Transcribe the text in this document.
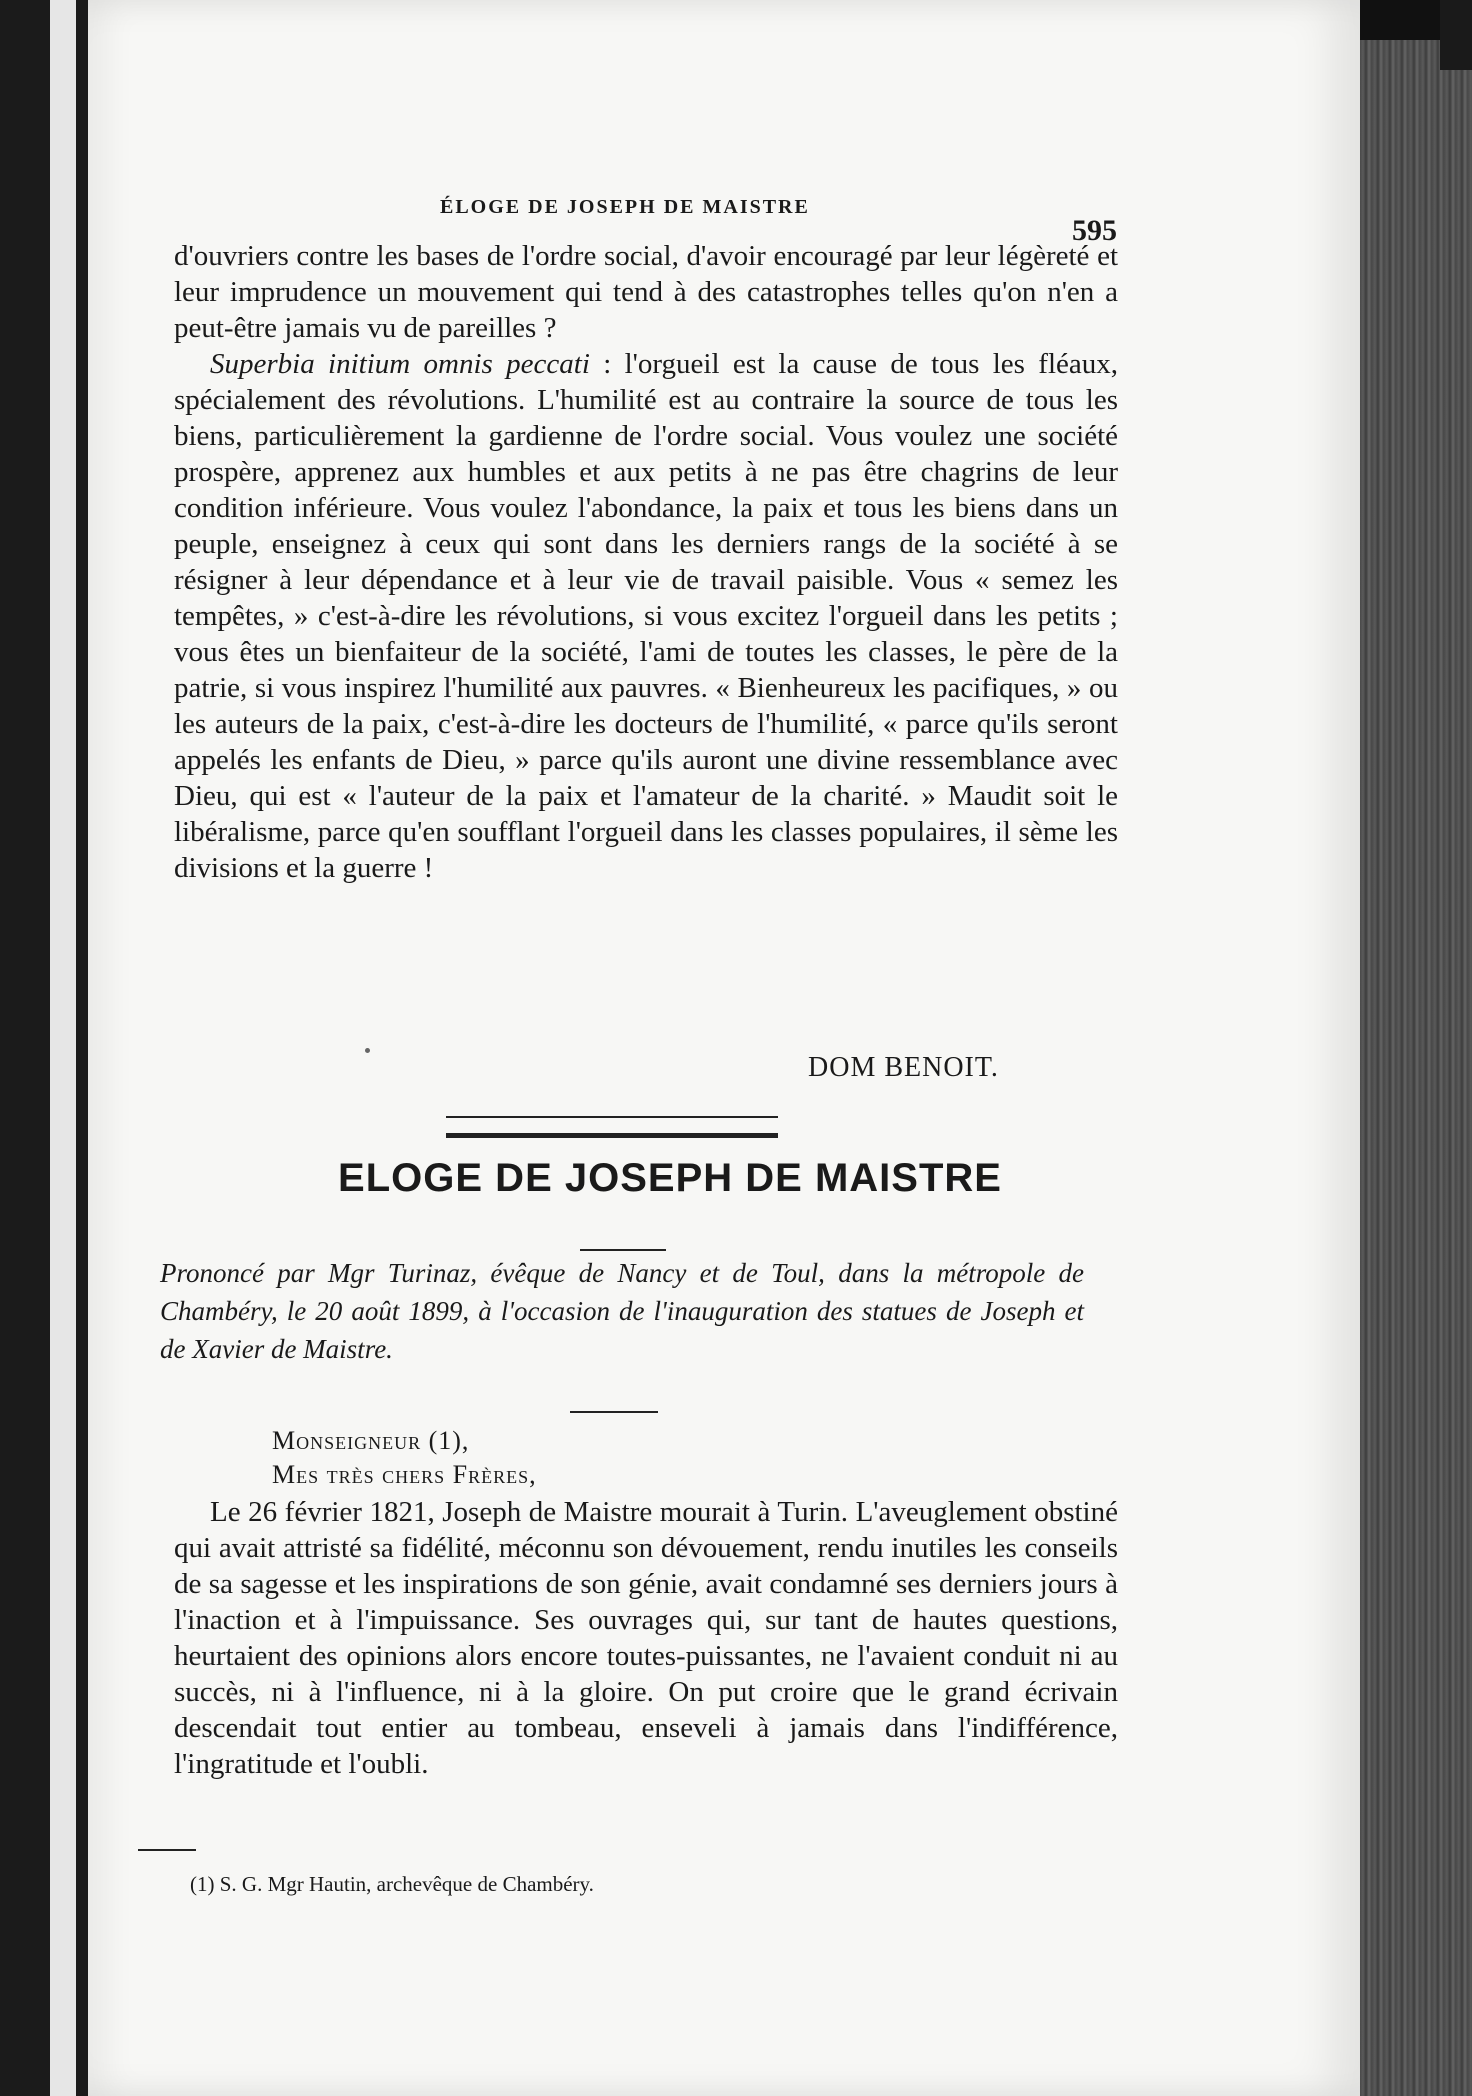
ÉLOGE DE JOSEPH DE MAISTRE
595

d'ouvriers contre les bases de l'ordre social, d'avoir encouragé par leur légèreté et leur imprudence un mouvement qui tend à des catastrophes telles qu'on n'en a peut-être jamais vu de pareilles ?

Superbia initium omnis peccati : l'orgueil est la cause de tous les fléaux, spécialement des révolutions. L'humilité est au contraire la source de tous les biens, particulièrement la gardienne de l'ordre social. Vous voulez une société prospère, apprenez aux humbles et aux petits à ne pas être chagrins de leur condition inférieure. Vous voulez l'abondance, la paix et tous les biens dans un peuple, enseignez à ceux qui sont dans les derniers rangs de la société à se résigner à leur dépendance et à leur vie de travail paisible. Vous « semez les tempêtes, » c'est-à-dire les révolutions, si vous excitez l'orgueil dans les petits ; vous êtes un bienfaiteur de la société, l'ami de toutes les classes, le père de la patrie, si vous inspirez l'humilité aux pauvres. « Bienheureux les pacifiques, » ou les auteurs de la paix, c'est-à-dire les docteurs de l'humilité, « parce qu'ils seront appelés les enfants de Dieu, » parce qu'ils auront une divine ressemblance avec Dieu, qui est « l'auteur de la paix et l'amateur de la charité. » Maudit soit le libéralisme, parce qu'en soufflant l'orgueil dans les classes populaires, il sème les divisions et la guerre !

DOM BENOIT.
ELOGE DE JOSEPH DE MAISTRE
Prononcé par Mgr Turinaz, évêque de Nancy et de Toul, dans la métropole de Chambéry, le 20 août 1899, à l'occasion de l'inauguration des statues de Joseph et de Xavier de Maistre.
Monseigneur (1),
Mes très chers Frères,

Le 26 février 1821, Joseph de Maistre mourait à Turin. L'aveuglement obstiné qui avait attristé sa fidélité, méconnu son dévouement, rendu inutiles les conseils de sa sagesse et les inspirations de son génie, avait condamné ses derniers jours à l'inaction et à l'impuissance. Ses ouvrages qui, sur tant de hautes questions, heurtaient des opinions alors encore toutes-puissantes, ne l'avaient conduit ni au succès, ni à l'influence, ni à la gloire. On put croire que le grand écrivain descendait tout entier au tombeau, enseveli à jamais dans l'indifférence, l'ingratitude et l'oubli.

(1) S. G. Mgr Hautin, archevêque de Chambéry.
